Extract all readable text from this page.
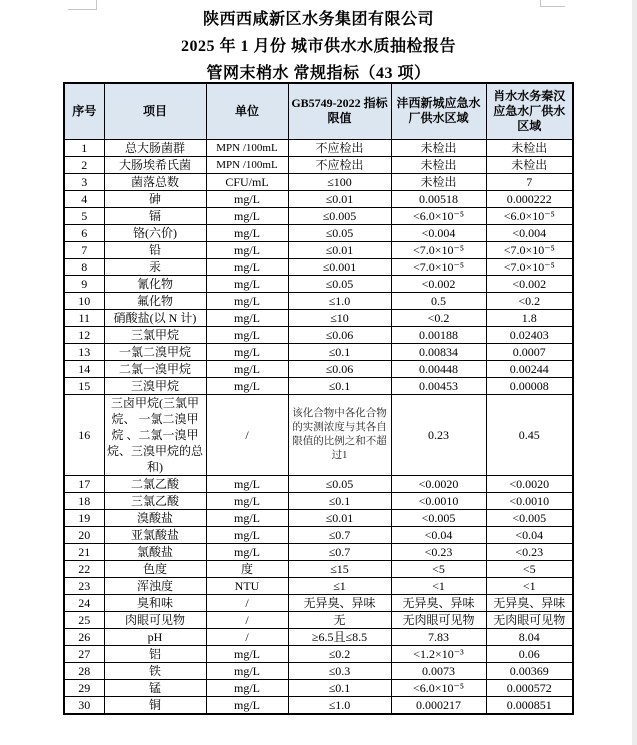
陕西西咸新区水务集团有限公司
2025 年 1 月份 城市供水水质抽检报告
管网末梢水 常规指标（43 项）
序号	项目	单位	GB5749-2022 指标限值	沣西新城应急水厂供水区域	肖水水务秦汉应急水厂供水区域
1	总大肠菌群	MPN /100mL	不应检出	未检出	未检出
2	大肠埃希氏菌	MPN /100mL	不应检出	未检出	未检出
3	菌落总数	CFU/mL	≤100	未检出	7
4	砷	mg/L	≤0.01	0.00518	0.000222
5	镉	mg/L	≤0.005	<6.0×10⁻⁵	<6.0×10⁻⁵
6	铬(六价)	mg/L	≤0.05	<0.004	<0.004
7	铅	mg/L	≤0.01	<7.0×10⁻⁵	<7.0×10⁻⁵
8	汞	mg/L	≤0.001	<7.0×10⁻⁵	<7.0×10⁻⁵
9	氰化物	mg/L	≤0.05	<0.002	<0.002
10	氟化物	mg/L	≤1.0	0.5	<0.2
11	硝酸盐(以 N 计)	mg/L	≤10	<0.2	1.8
12	三氯甲烷	mg/L	≤0.06	0.00188	0.02403
13	一氯二溴甲烷	mg/L	≤0.1	0.00834	0.0007
14	二氯一溴甲烷	mg/L	≤0.06	0.00448	0.00244
15	三溴甲烷	mg/L	≤0.1	0.00453	0.00008
16	三卤甲烷(三氯甲烷、 一氯二溴甲烷 、二氯一溴甲烷、三溴甲烷的总和)	/	该化合物中各化合物的实测浓度与其各自限值的比例之和不超过1	0.23	0.45
17	二氯乙酸	mg/L	≤0.05	<0.0020	<0.0020
18	三氯乙酸	mg/L	≤0.1	<0.0010	<0.0010
19	溴酸盐	mg/L	≤0.01	<0.005	<0.005
20	亚氯酸盐	mg/L	≤0.7	<0.04	<0.04
21	氯酸盐	mg/L	≤0.7	<0.23	<0.23
22	色度	度	≤15	<5	<5
23	浑浊度	NTU	≤1	<1	<1
24	臭和味	/	无异臭、异味	无异臭、异味	无异臭、异味
25	肉眼可见物	/	无	无肉眼可见物	无肉眼可见物
26	pH	/	≥6.5且≤8.5	7.83	8.04
27	铝	mg/L	≤0.2	<1.2×10⁻³	0.06
28	铁	mg/L	≤0.3	0.0073	0.00369
29	锰	mg/L	≤0.1	<6.0×10⁻⁵	0.000572
30	铜	mg/L	≤1.0	0.000217	0.000851
